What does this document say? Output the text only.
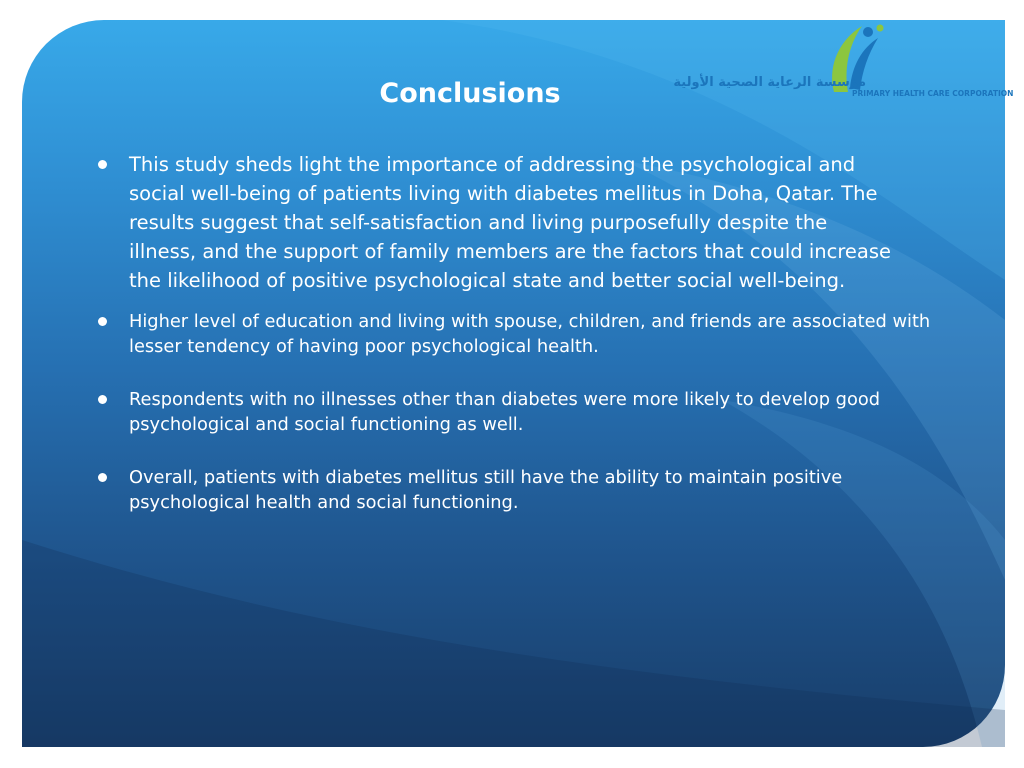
مؤسسة الرعاية الصحية الأولية
PRIMARY HEALTH CARE CORPORATION
Conclusions
This study sheds light the importance of addressing the psychological and social well-being of patients living with diabetes mellitus in Doha, Qatar. The results suggest that self-satisfaction and living purposefully despite the illness, and the support of family members are the factors that could increase the likelihood of positive psychological state and better social well-being.
Higher level of education and living with spouse, children, and friends are associated with lesser tendency of having poor psychological health.
Respondents with no illnesses other than diabetes were more likely to develop good psychological and social functioning as well.
Overall, patients with diabetes mellitus still have the ability to maintain positive psychological health and social functioning.
